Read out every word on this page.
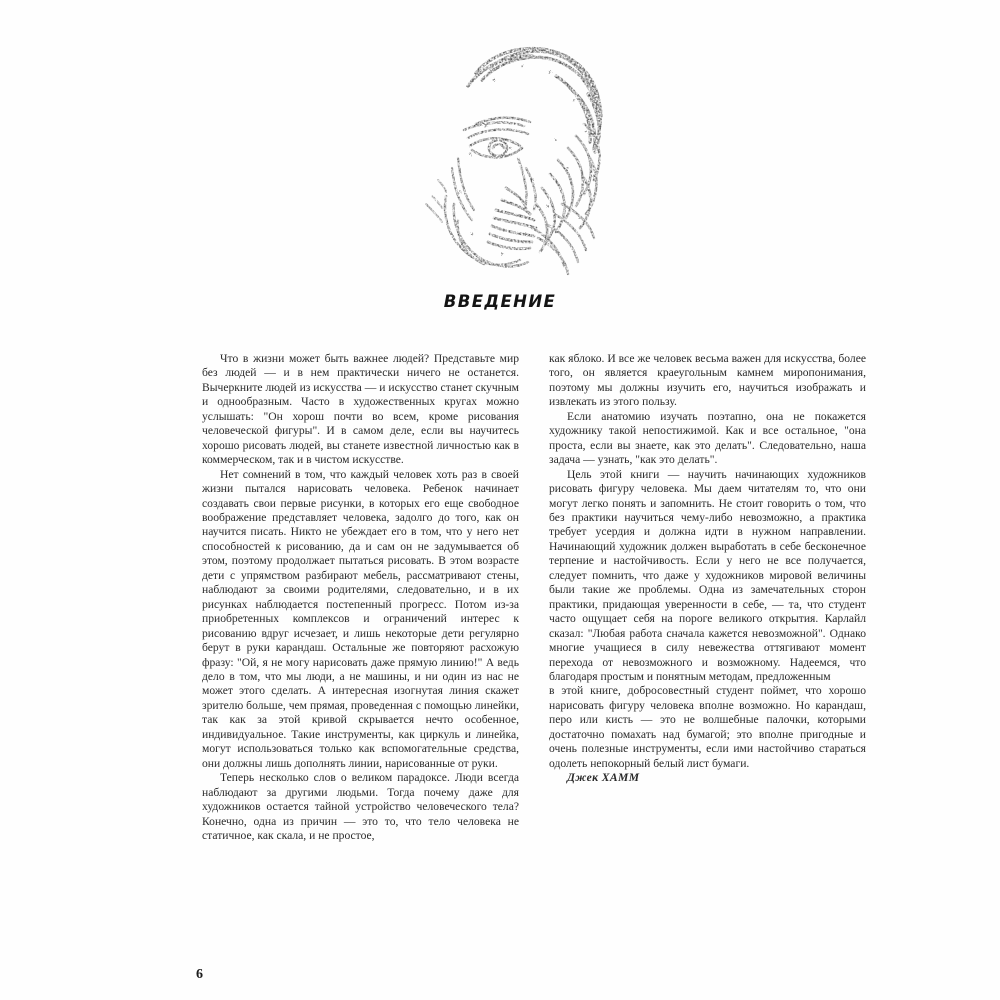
ВВЕДЕНИЕ

Что в жизни может быть важнее людей? Представьте мир без людей — и в нем практически ничего не останется. Вычеркните людей из искусства — и искусство станет скучным и однообразным. Часто в художественных кругах можно услышать: "Он хорош почти во всем, кроме рисования человеческой фигуры". И в самом деле, если вы научитесь хорошо рисовать людей, вы станете известной личностью как в коммерческом, так и в чистом искусстве.

Нет сомнений в том, что каждый человек хоть раз в своей жизни пытался нарисовать человека. Ребенок начинает создавать свои первые рисунки, в которых его еще свободное воображение представляет человека, задолго до того, как он научится писать. Никто не убеждает его в том, что у него нет способностей к рисованию, да и сам он не задумывается об этом, поэтому продолжает пытаться рисовать. В этом возрасте дети с упрямством разбирают мебель, рассматривают стены, наблюдают за своими родителями, следовательно, и в их рисунках наблюдается постепенный прогресс. Потом из-за приобретенных комплексов и ограничений интерес к рисованию вдруг исчезает, и лишь некоторые дети регулярно берут в руки карандаш. Остальные же повторяют расхожую фразу: "Ой, я не могу нарисовать даже прямую линию!" А ведь дело в том, что мы люди, а не машины, и ни один из нас не может этого сделать. А интересная изогнутая линия скажет зрителю больше, чем прямая, проведенная с помощью линейки, так как за этой кривой скрывается нечто особенное, индивидуальное. Такие инструменты, как циркуль и линейка, могут использоваться только как вспомогательные средства, они должны лишь дополнять линии, нарисованные от руки.

Теперь несколько слов о великом парадоксе. Люди всегда наблюдают за другими людьми. Тогда почему даже для художников остается тайной устройство человеческого тела? Конечно, одна из причин — это то, что тело человека не статичное, как скала, и не простое,

как яблоко. И все же человек весьма важен для искусства, более того, он является краеугольным камнем миропонимания, поэтому мы должны изучить его, научиться изображать и извлекать из этого пользу.

Если анатомию изучать поэтапно, она не покажется художнику такой непостижимой. Как и все остальное, "она проста, если вы знаете, как это делать". Следовательно, наша задача — узнать, "как это делать".

Цель этой книги — научить начинающих художников рисовать фигуру человека. Мы даем читателям то, что они могут легко понять и запомнить. Не стоит говорить о том, что без практики научиться чему-либо невозможно, а практика требует усердия и должна идти в нужном направлении. Начинающий художник должен выработать в себе бесконечное терпение и настойчивость. Если у него не все получается, следует помнить, что даже у художников мировой величины были такие же проблемы. Одна из замечательных сторон практики, придающая уверенности в себе, — та, что студент часто ощущает себя на пороге великого открытия. Карлайл сказал: "Любая работа сначала кажется невозможной". Однако многие учащиеся в силу невежества оттягивают момент перехода от невозможного и возможному. Надеемся, что благодаря простым и понятным методам, предложенным

в этой книге, добросовестный студент поймет, что хорошо нарисовать фигуру человека вполне возможно. Но карандаш, перо или кисть — это не волшебные палочки, которыми достаточно помахать над бумагой; это вполне пригодные и очень полезные инструменты, если ими настойчиво стараться одолеть непокорный белый лист бумаги.

Джек ХАММ

6
